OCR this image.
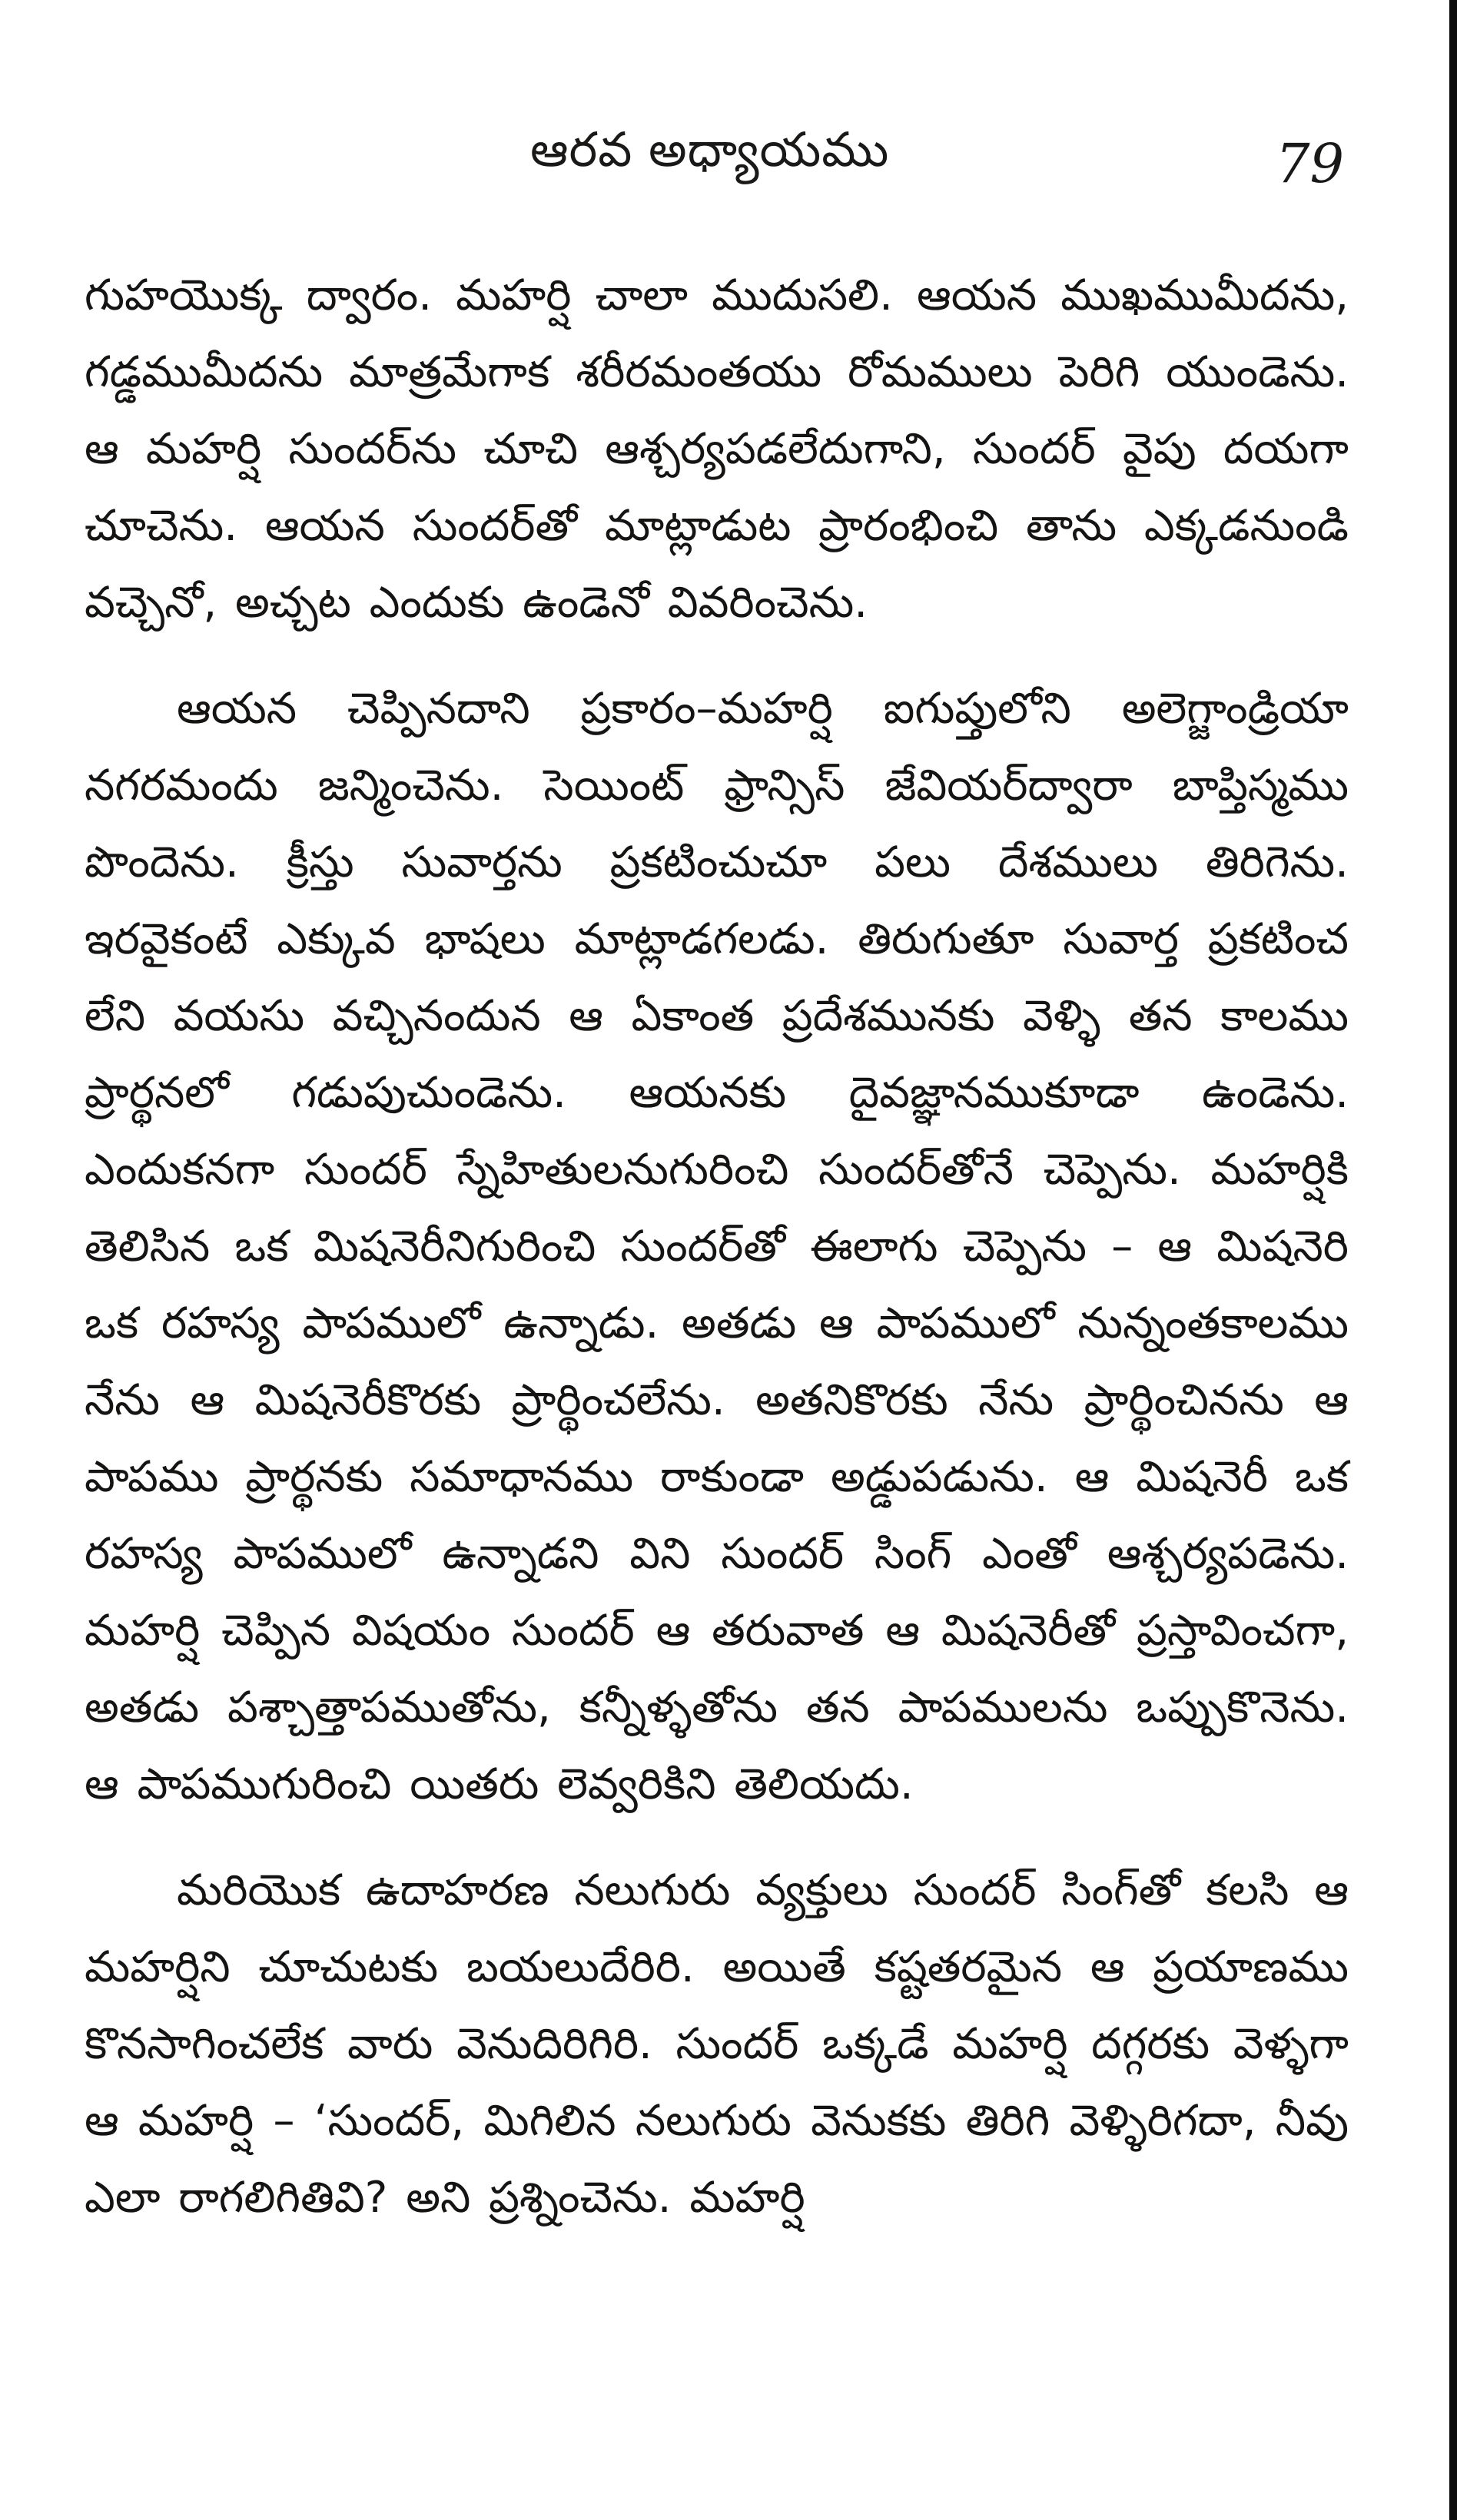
ఆరవ అధ్యాయము	79

గుహయొక్క ద్వారం. మహర్షి చాలా ముదుసలి. ఆయన ముఖముమీదను, గడ్డముమీదను మాత్రమేగాక శరీరమంతయు రోమములు పెరిగి యుండెను. ఆ మహర్షి సుందర్‌ను చూచి ఆశ్చర్యపడలేదుగాని, సుందర్ వైపు దయగా చూచెను. ఆయన సుందర్‌తో మాట్లాడుట ప్రారంభించి తాను ఎక్కడనుండి వచ్చెనో, అచ్చట ఎందుకు ఉండెనో వివరించెను.

ఆయన చెప్పినదాని ప్రకారం–మహర్షి ఐగుప్తులోని అలెగ్జాండ్రియా నగరమందు జన్మించెను. సెయింట్ ఫ్రాన్సిస్ జేవియర్‌ద్వారా బాప్తిస్మము పొందెను. క్రీస్తు సువార్తను ప్రకటించుచూ పలు దేశములు తిరిగెను. ఇరవైకంటే ఎక్కువ భాషలు మాట్లాడగలడు. తిరుగుతూ సువార్త ప్రకటించ లేని వయసు వచ్చినందున ఆ ఏకాంత ప్రదేశమునకు వెళ్ళి తన కాలము ప్రార్థనలో గడుపుచుండెను. ఆయనకు దైవజ్ఞానముకూడా ఉండెను. ఎందుకనగా సుందర్ స్నేహితులనుగురించి సుందర్‌తోనే చెప్పెను. మహర్షికి తెలిసిన ఒక మిషనెరీనిగురించి సుందర్‌తో ఈలాగు చెప్పెను – ఆ మిషనెరి ఒక రహస్య పాపములో ఉన్నాడు. అతడు ఆ పాపములో నున్నంతకాలము నేను ఆ మిషనెరీకొరకు ప్రార్థించలేను. అతనికొరకు నేను ప్రార్థించినను ఆ పాపము ప్రార్థనకు సమాధానము రాకుండా అడ్డుపడును. ఆ మిషనెరీ ఒక రహస్య పాపములో ఉన్నాడని విని సుందర్ సింగ్ ఎంతో ఆశ్చర్యపడెను. మహర్షి చెప్పిన విషయం సుందర్ ఆ తరువాత ఆ మిషనెరీతో ప్రస్తావించగా, అతడు పశ్చాత్తాపముతోను, కన్నీళ్ళతోను తన పాపములను ఒప్పుకొనెను. ఆ పాపముగురించి యితరు లెవ్వరికిని తెలియదు.

మరియొక ఉదాహరణ నలుగురు వ్యక్తులు సుందర్ సింగ్‌తో కలసి ఆ మహర్షిని చూచుటకు బయలుదేరిరి. అయితే కష్టతరమైన ఆ ప్రయాణము కొనసాగించలేక వారు వెనుదిరిగిరి. సుందర్ ఒక్కడే మహర్షి దగ్గరకు వెళ్ళగా ఆ మహర్షి – ‘సుందర్, మిగిలిన నలుగురు వెనుకకు తిరిగి వెళ్ళిరిగదా, నీవు ఎలా రాగలిగితివి? అని ప్రశ్నించెను. మహర్షి
